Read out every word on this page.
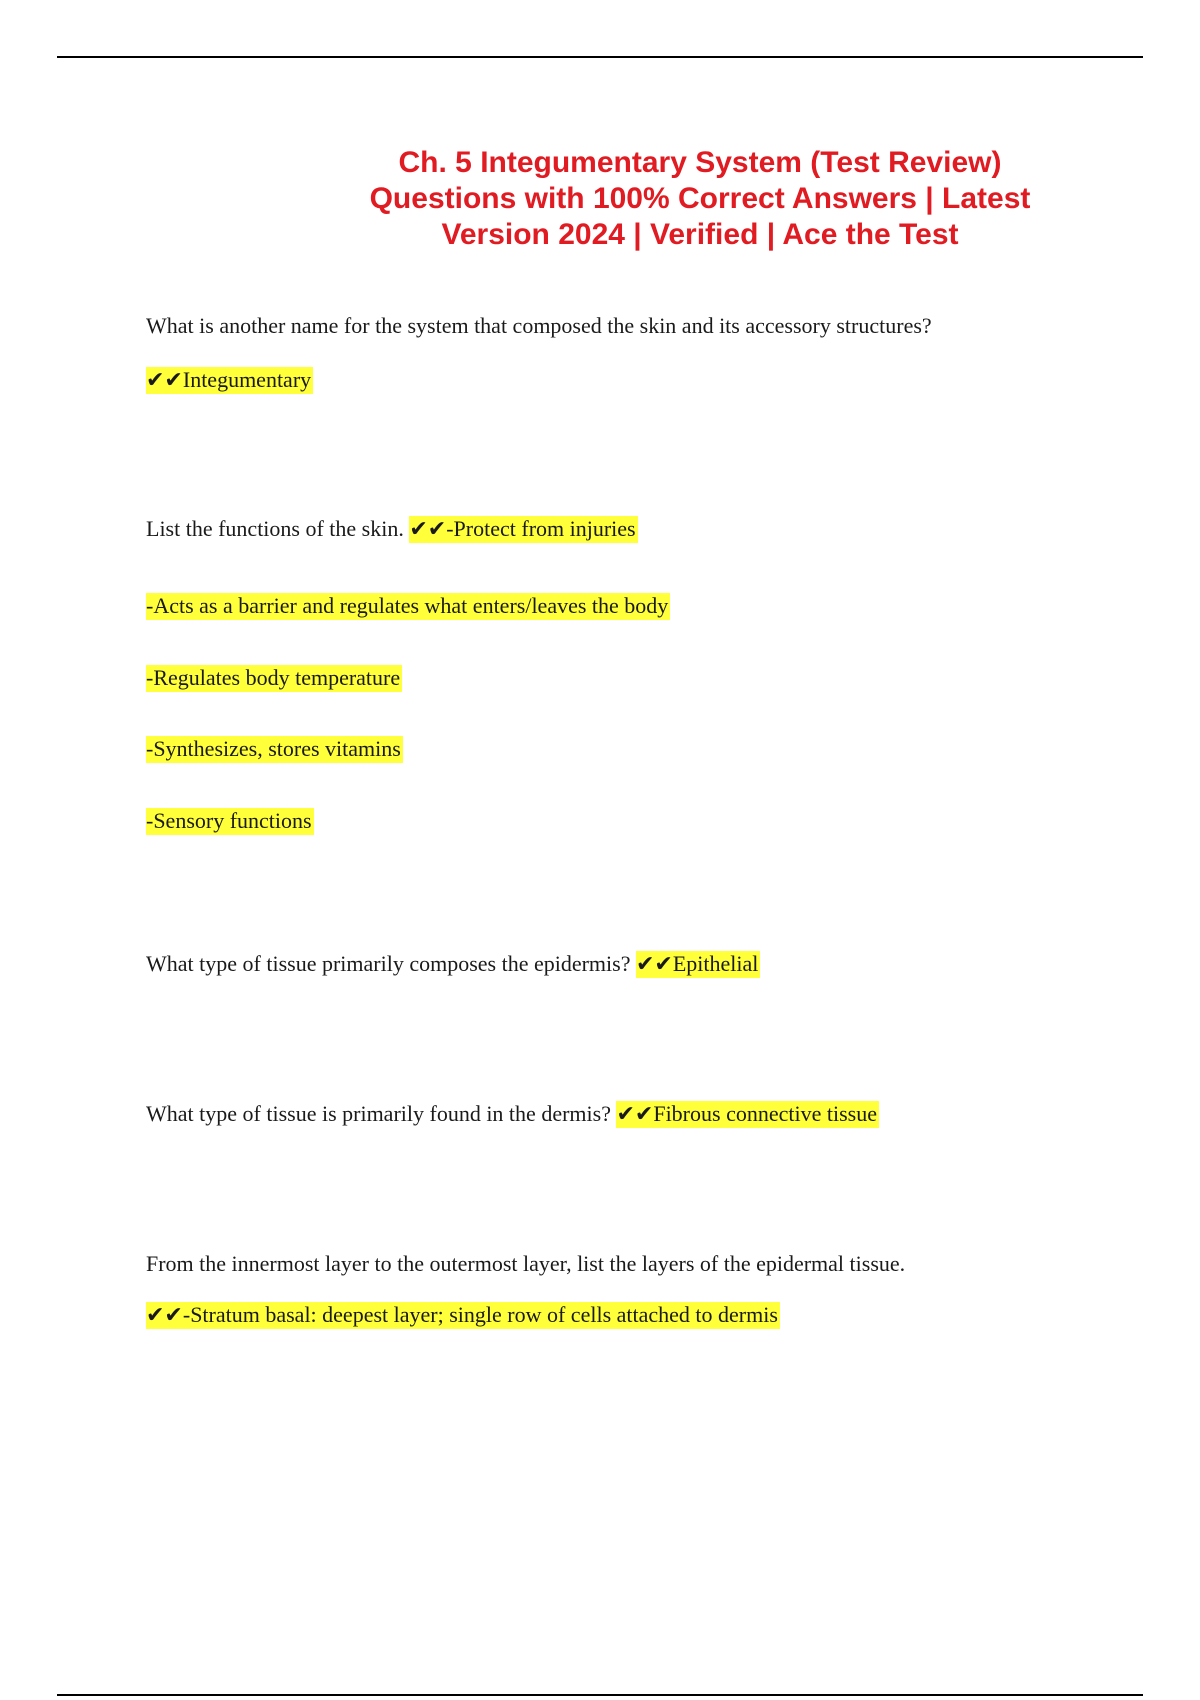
Ch. 5 Integumentary System (Test Review)
Questions with 100% Correct Answers | Latest
Version 2024 | Verified | Ace the Test
What is another name for the system that composed the skin and its accessory structures?
✔✔Integumentary
List the functions of the skin. ✔✔-Protect from injuries
-Acts as a barrier and regulates what enters/leaves the body
-Regulates body temperature
-Synthesizes, stores vitamins
-Sensory functions
What type of tissue primarily composes the epidermis? ✔✔Epithelial
What type of tissue is primarily found in the dermis? ✔✔Fibrous connective tissue
From the innermost layer to the outermost layer, list the layers of the epidermal tissue.
✔✔-Stratum basal: deepest layer; single row of cells attached to dermis
